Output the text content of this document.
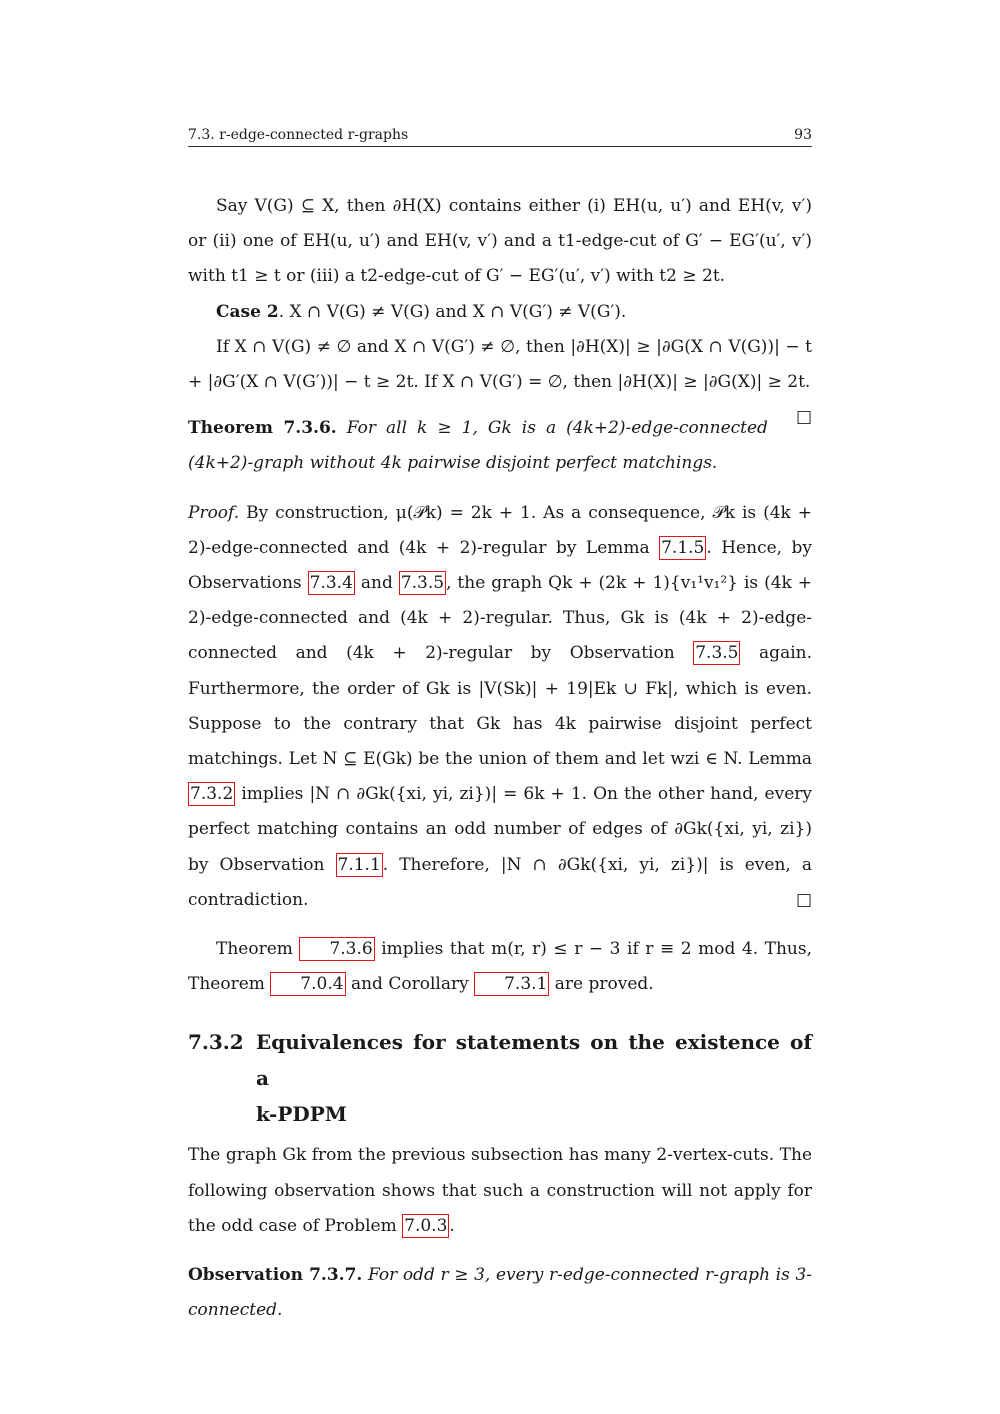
7.3. r-edge-connected r-graphs	93

Say V(G) ⊆ X, then ∂H(X) contains either (i) EH(u, u′) and EH(v, v′) or (ii) one of EH(u, u′) and EH(v, v′) and a t1-edge-cut of G′ − EG′(u′, v′) with t1 ≥ t or (iii) a t2-edge-cut of G′ − EG′(u′, v′) with t2 ≥ 2t.

Case 2. X ∩ V(G) ≠ V(G) and X ∩ V(G′) ≠ V(G′).

If X ∩ V(G) ≠ ∅ and X ∩ V(G′) ≠ ∅, then |∂H(X)| ≥ |∂G(X ∩ V(G))| − t + |∂G′(X ∩ V(G′))| − t ≥ 2t. If X ∩ V(G′) = ∅, then |∂H(X)| ≥ |∂G(X)| ≥ 2t.
□

Theorem 7.3.6. For all k ≥ 1, Gk is a (4k+2)-edge-connected (4k+2)-graph without 4k pairwise disjoint perfect matchings.

Proof. By construction, μ(𝒫k) = 2k + 1. As a consequence, 𝒫k is (4k + 2)-edge-connected and (4k + 2)-regular by Lemma 7.1.5 . Hence, by Observations 7.3.4 and 7.3.5 , the graph Qk + (2k + 1){v₁¹v₁²} is (4k + 2)-edge-connected and (4k + 2)-regular. Thus, Gk is (4k + 2)-edge-connected and (4k + 2)-regular by Observation 7.3.5 again. Furthermore, the order of Gk is |V(Sk)| + 19|Ek ∪ Fk|, which is even. Suppose to the contrary that Gk has 4k pairwise disjoint perfect matchings. Let N ⊆ E(Gk) be the union of them and let wzi ∈ N. Lemma 7.3.2 implies |N ∩ ∂Gk({xi, yi, zi})| = 6k + 1. On the other hand, every perfect matching contains an odd number of edges of ∂Gk({xi, yi, zi}) by Observation 7.1.1 . Therefore, |N ∩ ∂Gk({xi, yi, zi})| is even, a contradiction.	□

Theorem 7.3.6 implies that m(r, r) ≤ r − 3 if r ≡ 2 mod 4. Thus, Theorem 7.0.4 and Corollary 7.3.1 are proved.

7.3.2 Equivalences for statements on the existence of a
k-PDPM

The graph Gk from the previous subsection has many 2-vertex-cuts. The following observation shows that such a construction will not apply for the odd case of Problem 7.0.3 .

Observation 7.3.7. For odd r ≥ 3, every r-edge-connected r-graph is 3-connected.
